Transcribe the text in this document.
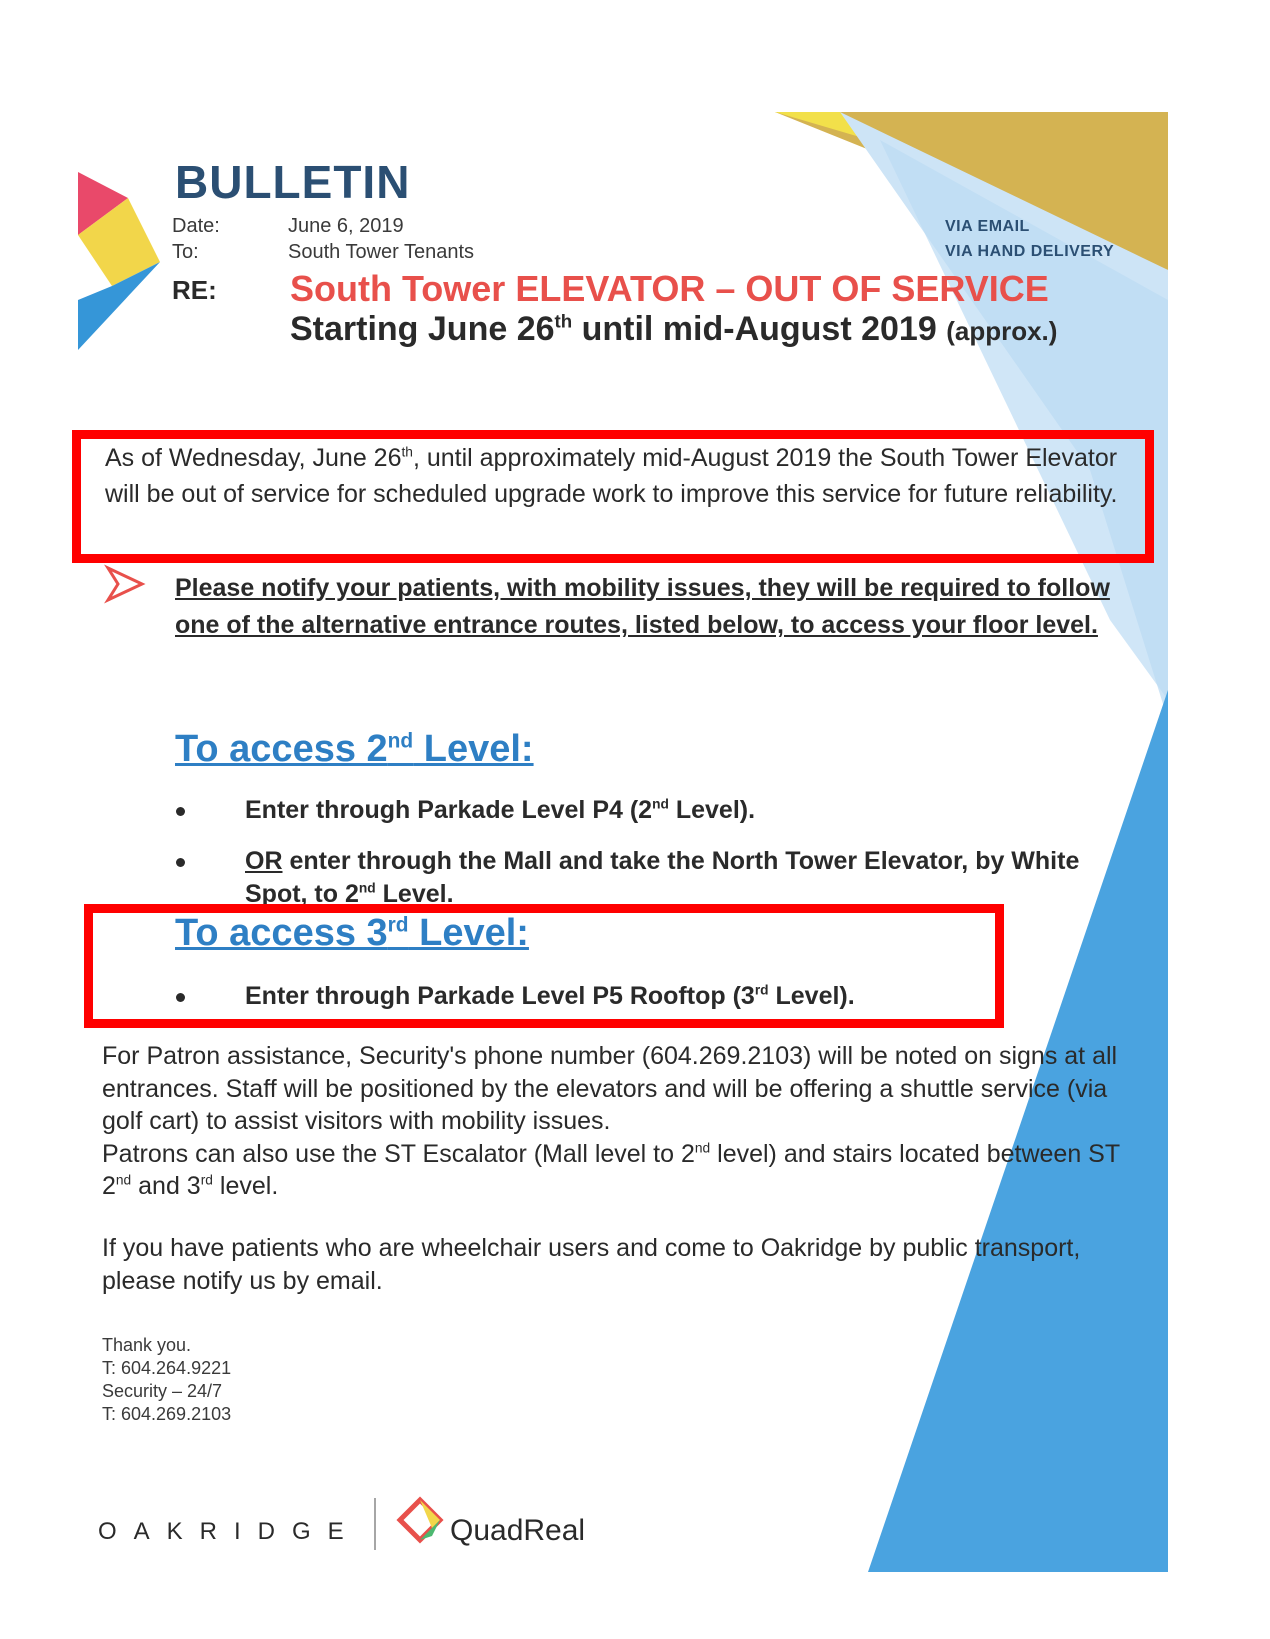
BULLETIN
Date:	June 6, 2019
To:	South Tower Tenants
VIA EMAIL
VIA HAND DELIVERY
RE: South Tower ELEVATOR – OUT OF SERVICE
Starting June 26th until mid-August 2019 (approx.)
As of Wednesday, June 26th, until approximately mid-August 2019 the South Tower Elevator will be out of service for scheduled upgrade work to improve this service for future reliability.
Please notify your patients, with mobility issues, they will be required to follow one of the alternative entrance routes, listed below, to access your floor level.
To access 2nd Level:
Enter through Parkade Level P4 (2nd Level).
OR enter through the Mall and take the North Tower Elevator, by White Spot, to 2nd Level.
To access 3rd Level:
Enter through Parkade Level P5 Rooftop (3rd Level).
For Patron assistance, Security's phone number (604.269.2103) will be noted on signs at all entrances. Staff will be positioned by the elevators and will be offering a shuttle service (via golf cart) to assist visitors with mobility issues.
Patrons can also use the ST Escalator (Mall level to 2nd level) and stairs located between ST 2nd and 3rd level.
If you have patients who are wheelchair users and come to Oakridge by public transport, please notify us by email.
Thank you.
T: 604.264.9221
Security – 24/7
T: 604.269.2103
OAKRIDGE	QuadReal
